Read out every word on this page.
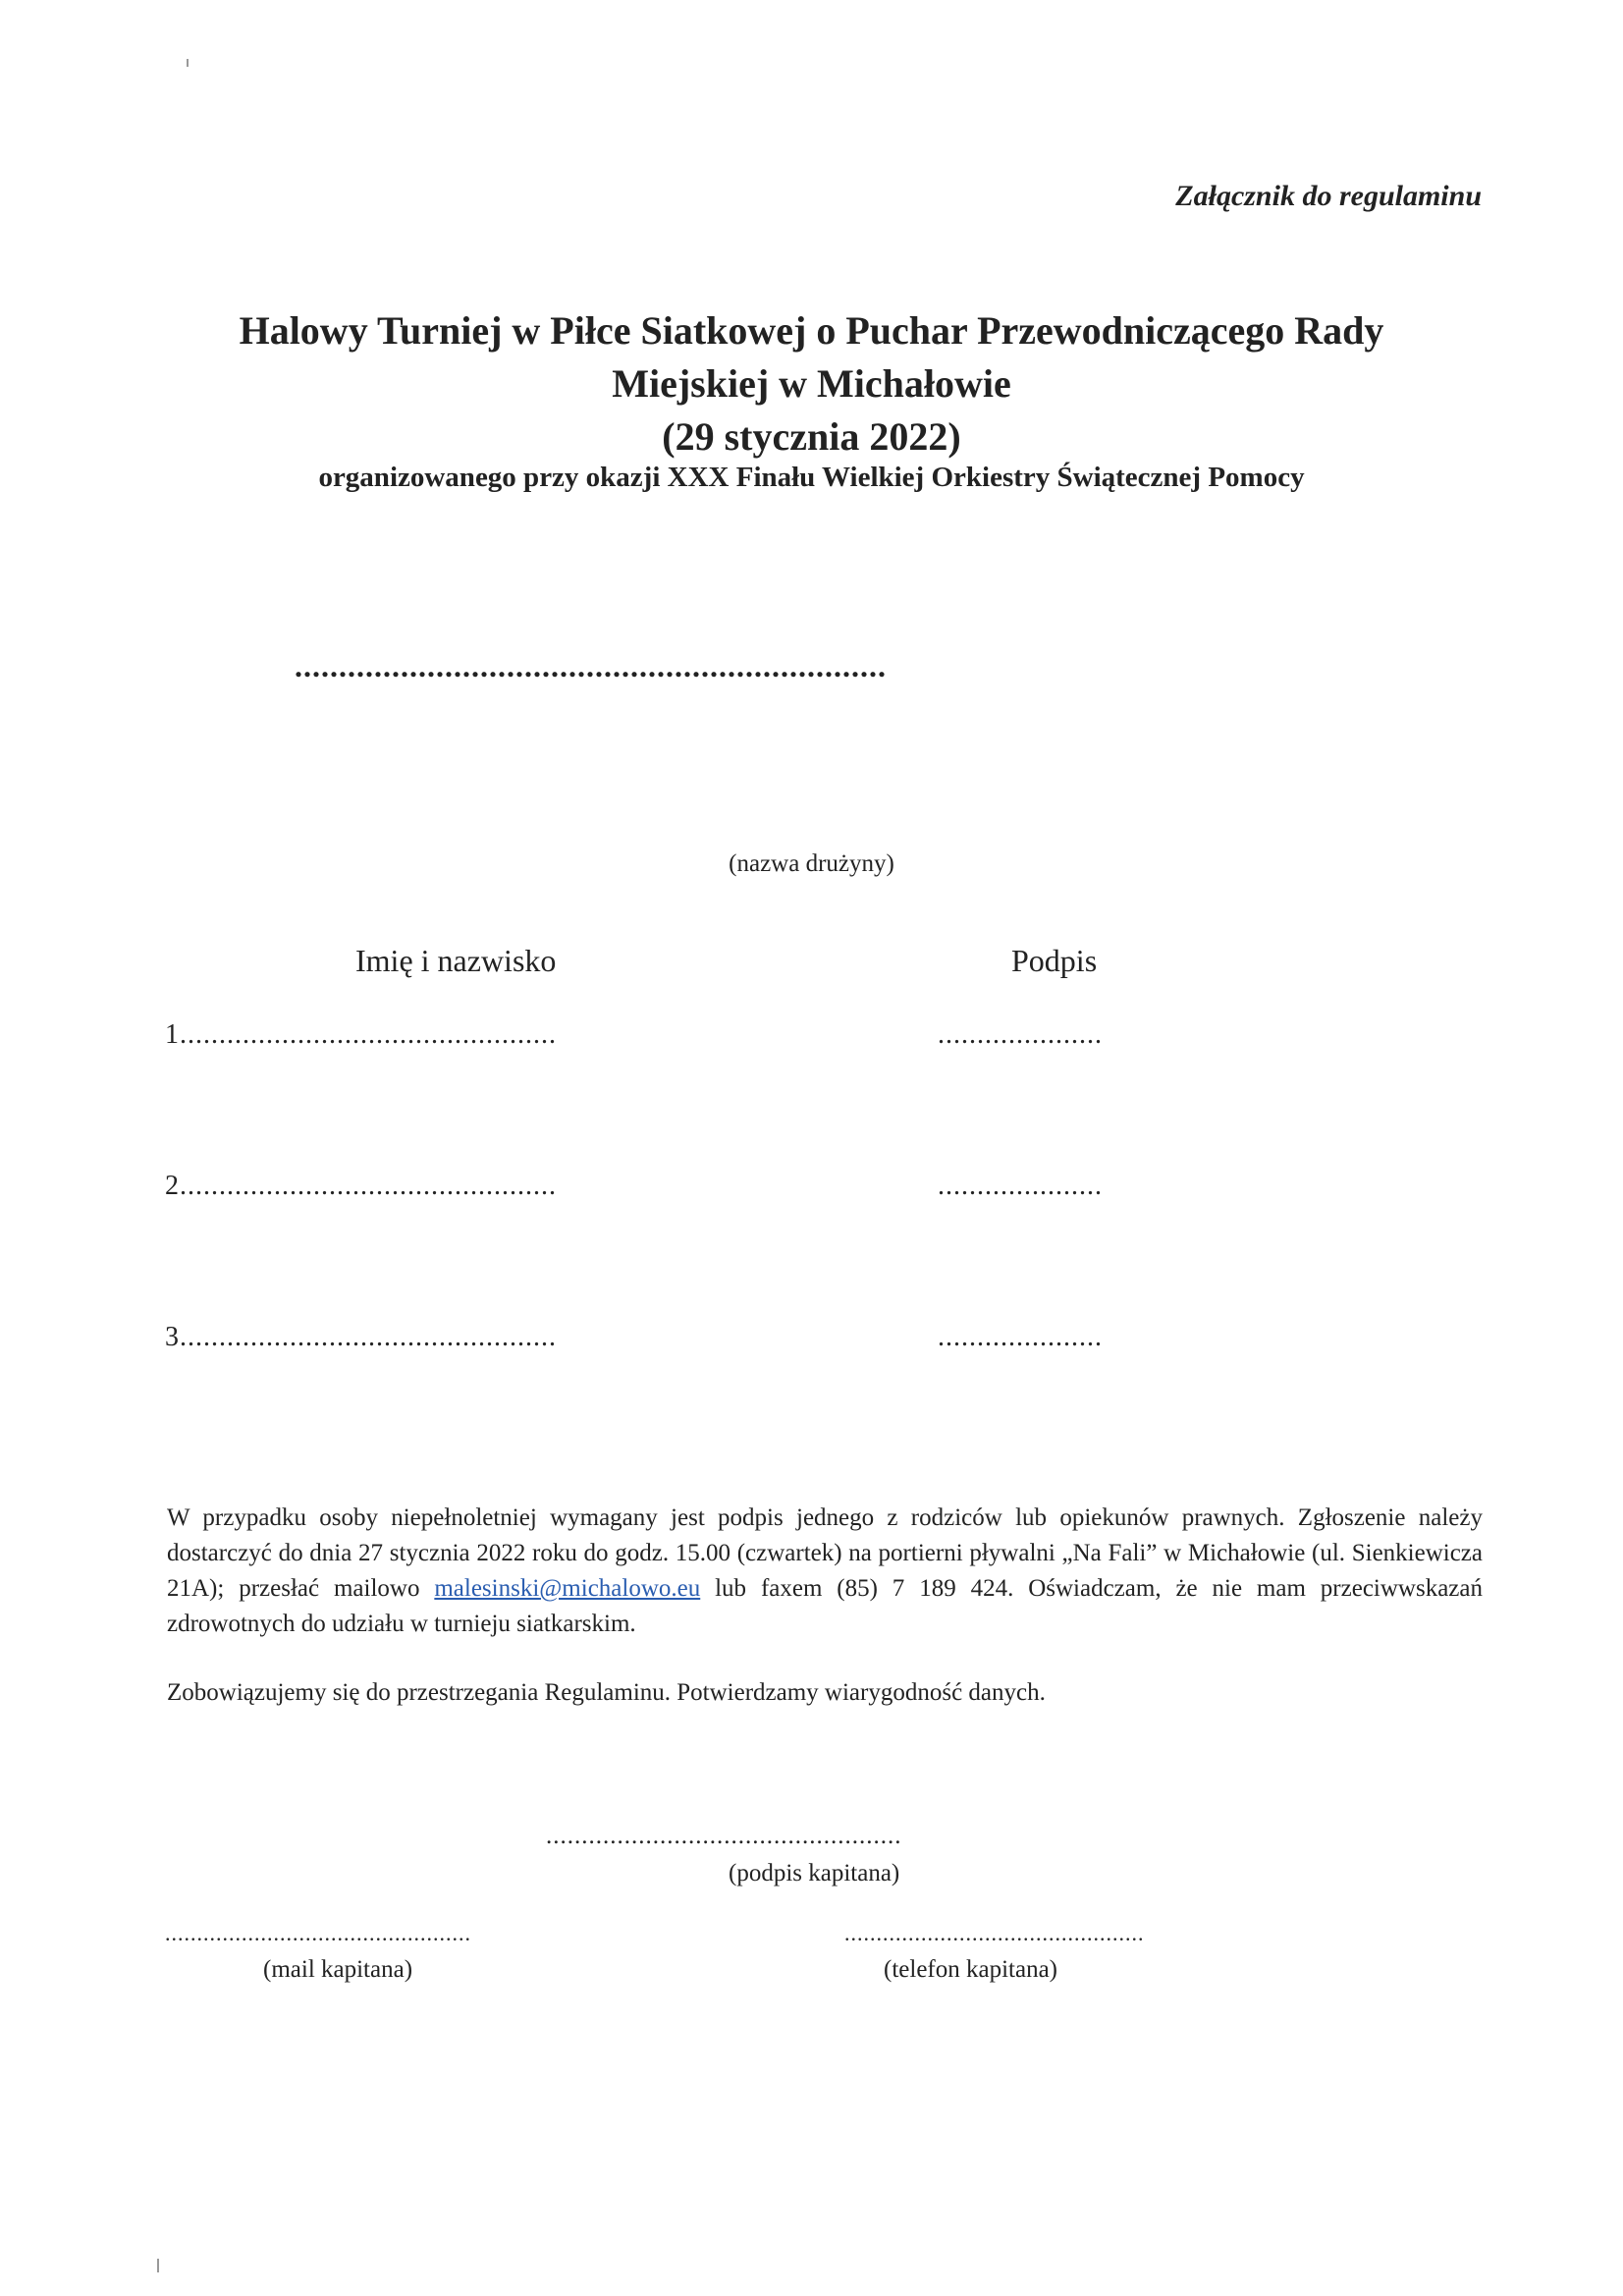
Załącznik do regulaminu
Halowy Turniej w Piłce Siatkowej o Puchar Przewodniczącego Rady
Miejskiej w Michałowie
(29 stycznia 2022)
organizowanego przy okazji XXX Finału Wielkiej Orkiestry Świątecznej Pomocy
...................................................................
(nazwa drużyny)
Imię i nazwisko	Podpis
1................................................	.....................
2................................................	.....................
3................................................	.....................
W przypadku osoby niepełnoletniej wymagany jest podpis jednego z rodziców lub opiekunów prawnych. Zgłoszenie należy dostarczyć do dnia 27 stycznia 2022 roku do godz. 15.00 (czwartek) na portierni pływalni „Na Fali” w Michałowie (ul. Sienkiewicza 21A); przesłać mailowo malesinski@michalowo.eu lub faxem (85) 7 189 424. Oświadczam, że nie mam przeciwwskazań zdrowotnych do udziału w turnieju siatkarskim.
Zobowiązujemy się do przestrzegania Regulaminu. Potwierdzamy wiarygodność danych.
..................................................
(podpis kapitana)
................................................
(mail kapitana)
...............................................
(telefon kapitana)
